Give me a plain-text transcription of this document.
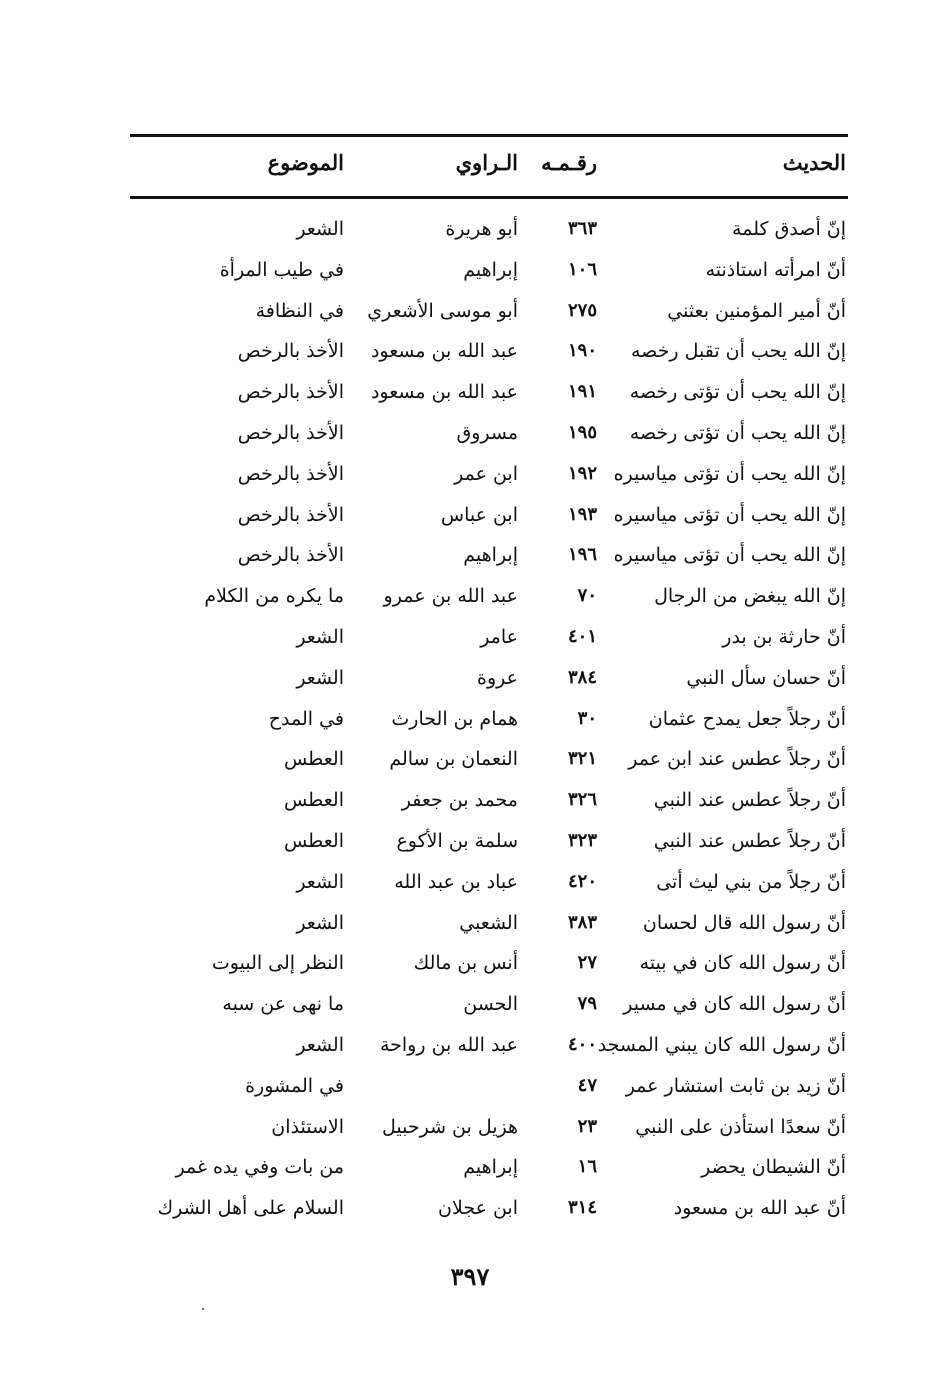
الحديث
رقـمـه
الـراوي
الموضوع
إنّ أصدق كلمة
٣٦٣
أبو هريرة
الشعر
أنّ امرأته استاذنته
١٠٦
إبراهيم
في طيب المرأة
أنّ أمير المؤمنين بعثني
٢٧٥
أبو موسى الأشعري
في النظافة
إنّ الله يحب أن تقبل رخصه
١٩٠
عبد الله بن مسعود
الأخذ بالرخص
إنّ الله يحب أن تؤتى رخصه
١٩١
عبد الله بن مسعود
الأخذ بالرخص
إنّ الله يحب أن تؤتى رخصه
١٩٥
مسروق
الأخذ بالرخص
إنّ الله يحب أن تؤتى مياسيره
١٩٢
ابن عمر
الأخذ بالرخص
إنّ الله يحب أن تؤتى مياسيره
١٩٣
ابن عباس
الأخذ بالرخص
إنّ الله يحب أن تؤتى مياسيره
١٩٦
إبراهيم
الأخذ بالرخص
إنّ الله يبغض من الرجال
٧٠
عبد الله بن عمرو
ما يكره من الكلام
أنّ حارثة بن بدر
٤٠١
عامر
الشعر
أنّ حسان سأل النبي
٣٨٤
عروة
الشعر
أنّ رجلاً جعل يمدح عثمان
٣٠
همام بن الحارث
في المدح
أنّ رجلاً عطس عند ابن عمر
٣٢١
النعمان بن سالم
العطس
أنّ رجلاً عطس عند النبي
٣٢٦
محمد بن جعفر
العطس
أنّ رجلاً عطس عند النبي
٣٢٣
سلمة بن الأكوع
العطس
أنّ رجلاً من بني ليث أتى
٤٢٠
عباد بن عبد الله
الشعر
أنّ رسول الله قال لحسان
٣٨٣
الشعبي
الشعر
أنّ رسول الله كان في بيته
٢٧
أنس بن مالك
النظر إلى البيوت
أنّ رسول الله كان في مسير
٧٩
الحسن
ما نهى عن سبه
أنّ رسول الله كان يبني المسجد
٤٠٠
عبد الله بن رواحة
الشعر
أنّ زيد بن ثابت استشار عمر
٤٧
في المشورة
أنّ سعدًا استأذن على النبي
٢٣
هزيل بن شرحبيل
الاستئذان
أنّ الشيطان يحضر
١٦
إبراهيم
من بات وفي يده غمر
أنّ عبد الله بن مسعود
٣١٤
ابن عجلان
السلام على أهل الشرك
٣٩٧
